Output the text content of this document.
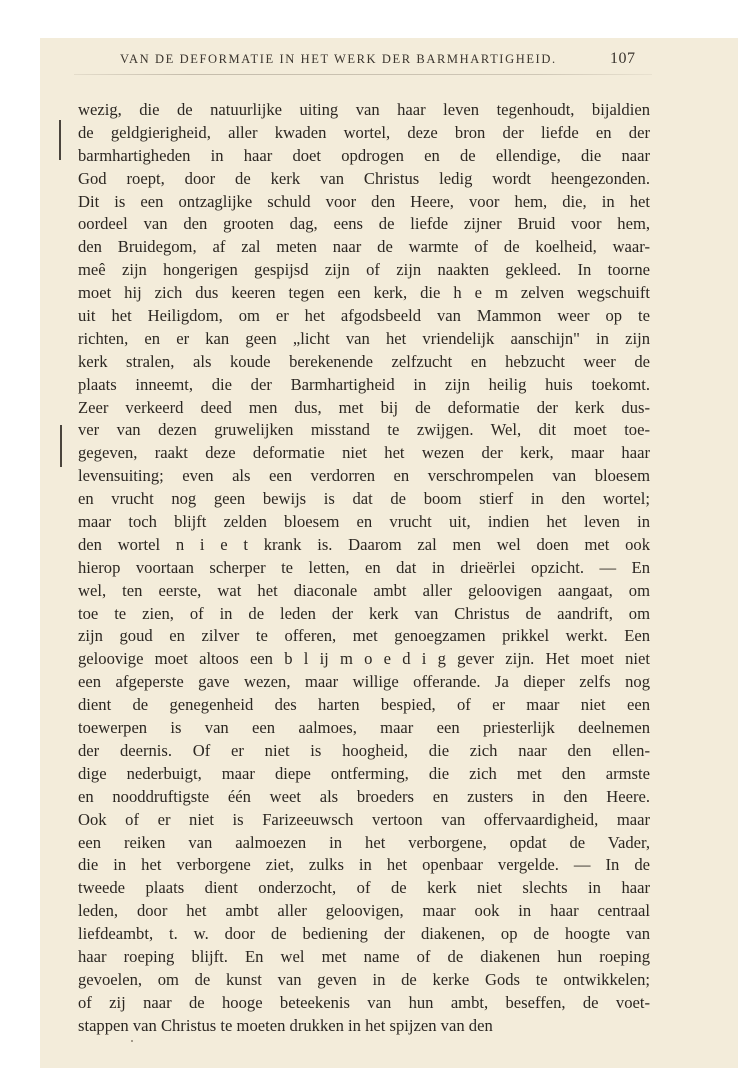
VAN DE DEFORMATIE IN HET WERK DER BARMHARTIGHEID.	107
wezig, die de natuurlijke uiting van haar leven tegenhoudt, bijaldien
de geldgierigheid, aller kwaden wortel, deze bron der liefde en der
barmhartigheden in haar doet opdrogen en de ellendige, die naar
God roept, door de kerk van Christus ledig wordt heengezonden.
Dit is een ontzaglijke schuld voor den Heere, voor hem, die, in het
oordeel van den grooten dag, eens de liefde zijner Bruid voor hem,
den Bruidegom, af zal meten naar de warmte of de koelheid, waar-
meê zijn hongerigen gespijsd zijn of zijn naakten gekleed. In toorne
moet hij zich dus keeren tegen een kerk, die h e m zelven wegschuift
uit het Heiligdom, om er het afgodsbeeld van Mammon weer op te
richten, en er kan geen „licht van het vriendelijk aanschijn" in zijn
kerk stralen, als koude berekenende zelfzucht en hebzucht weer de
plaats inneemt, die der Barmhartigheid in zijn heilig huis toekomt.
Zeer verkeerd deed men dus, met bij de deformatie der kerk dus-
ver van dezen gruwelijken misstand te zwijgen. Wel, dit moet toe-
gegeven, raakt deze deformatie niet het wezen der kerk, maar haar
levensuiting; even als een verdorren en verschrompelen van bloesem
en vrucht nog geen bewijs is dat de boom stierf in den wortel;
maar toch blijft zelden bloesem en vrucht uit, indien het leven in
den wortel n i e t krank is. Daarom zal men wel doen met ook
hierop voortaan scherper te letten, en dat in drieërlei opzicht. — En
wel, ten eerste, wat het diaconale ambt aller geloovigen aangaat, om
toe te zien, of in de leden der kerk van Christus de aandrift, om
zijn goud en zilver te offeren, met genoegzamen prikkel werkt. Een
geloovige moet altoos een b l ij m o e d i g gever zijn. Het moet niet
een afgeperste gave wezen, maar willige offerande. Ja dieper zelfs nog
dient de genegenheid des harten bespied, of er maar niet een
toewerpen is van een aalmoes, maar een priesterlijk deelnemen
der deernis. Of er niet is hoogheid, die zich naar den ellen-
dige nederbuigt, maar diepe ontferming, die zich met den armste
en nooddruftigste één weet als broeders en zusters in den Heere.
Ook of er niet is Farizeeuwsch vertoon van offervaardigheid, maar
een reiken van aalmoezen in het verborgene, opdat de Vader,
die in het verborgene ziet, zulks in het openbaar vergelde. — In de
tweede plaats dient onderzocht, of de kerk niet slechts in haar
leden, door het ambt aller geloovigen, maar ook in haar centraal
liefdeambt, t. w. door de bediening der diakenen, op de hoogte van
haar roeping blijft. En wel met name of de diakenen hun roeping
gevoelen, om de kunst van geven in de kerke Gods te ontwikkelen;
of zij naar de hooge beteekenis van hun ambt, beseffen, de voet-
stappen van Christus te moeten drukken in het spijzen van den
